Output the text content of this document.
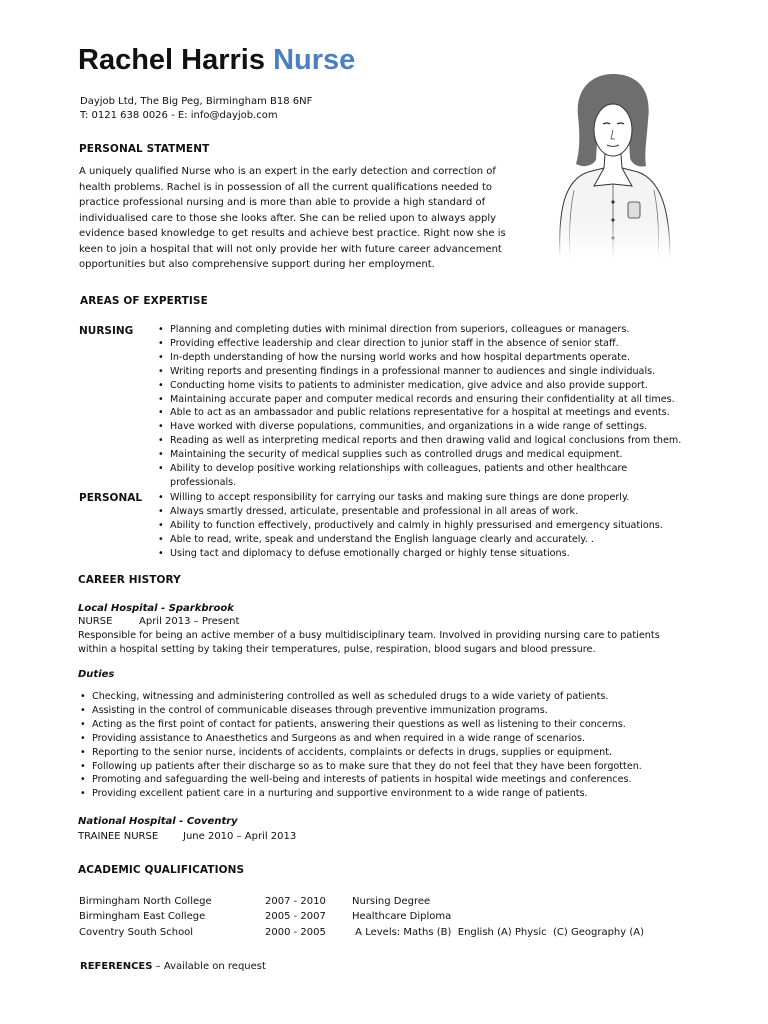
Rachel Harris Nurse
Dayjob Ltd, The Big Peg, Birmingham B18 6NF
T: 0121 638 0026 - E: info@dayjob.com
PERSONAL STATMENT
A uniquely qualified Nurse who is an expert in the early detection and correction of
health problems. Rachel is in possession of all the current qualifications needed to
practice professional nursing and is more than able to provide a high standard of
individualised care to those she looks after. She can be relied upon to always apply
evidence based knowledge to get results and achieve best practice. Right now she is
keen to join a hospital that will not only provide her with future career advancement
opportunities but also comprehensive support during her employment.
AREAS OF EXPERTISE
NURSING	• Planning and completing duties with minimal direction from superiors, colleagues or managers.
• Providing effective leadership and clear direction to junior staff in the absence of senior staff.
• In-depth understanding of how the nursing world works and how hospital departments operate.
• Writing reports and presenting findings in a professional manner to audiences and single individuals.
• Conducting home visits to patients to administer medication, give advice and also provide support.
• Maintaining accurate paper and computer medical records and ensuring their confidentiality at all times.
• Able to act as an ambassador and public relations representative for a hospital at meetings and events.
• Have worked with diverse populations, communities, and organizations in a wide range of settings.
• Reading as well as interpreting medical reports and then drawing valid and logical conclusions from them.
• Maintaining the security of medical supplies such as controlled drugs and medical equipment.
• Ability to develop positive working relationships with colleagues, patients and other healthcare
professionals.
PERSONAL	• Willing to accept responsibility for carrying our tasks and making sure things are done properly.
• Always smartly dressed, articulate, presentable and professional in all areas of work.
• Ability to function effectively, productively and calmly in highly pressurised and emergency situations.
• Able to read, write, speak and understand the English language clearly and accurately. .
• Using tact and diplomacy to defuse emotionally charged or highly tense situations.
CAREER HISTORY
Local Hospital - Sparkbrook
NURSE	April 2013 – Present
Responsible for being an active member of a busy multidisciplinary team. Involved in providing nursing care to patients
within a hospital setting by taking their temperatures, pulse, respiration, blood sugars and blood pressure.
Duties
• Checking, witnessing and administering controlled as well as scheduled drugs to a wide variety of patients.
• Assisting in the control of communicable diseases through preventive immunization programs.
• Acting as the first point of contact for patients, answering their questions as well as listening to their concerns.
• Providing assistance to Anaesthetics and Surgeons as and when required in a wide range of scenarios.
• Reporting to the senior nurse, incidents of accidents, complaints or defects in drugs, supplies or equipment.
• Following up patients after their discharge so as to make sure that they do not feel that they have been forgotten.
• Promoting and safeguarding the well-being and interests of patients in hospital wide meetings and conferences.
• Providing excellent patient care in a nurturing and supportive environment to a wide range of patients.
National Hospital - Coventry
TRAINEE NURSE June 2010 – April 2013
ACADEMIC QUALIFICATIONS
Birmingham North College	2007 - 2010	Nursing Degree
Birmingham East College	2005 - 2007	Healthcare Diploma
Coventry South School	2000 - 2005	A Levels: Maths (B)  English (A) Physic  (C) Geography (A)
REFERENCES – Available on request
